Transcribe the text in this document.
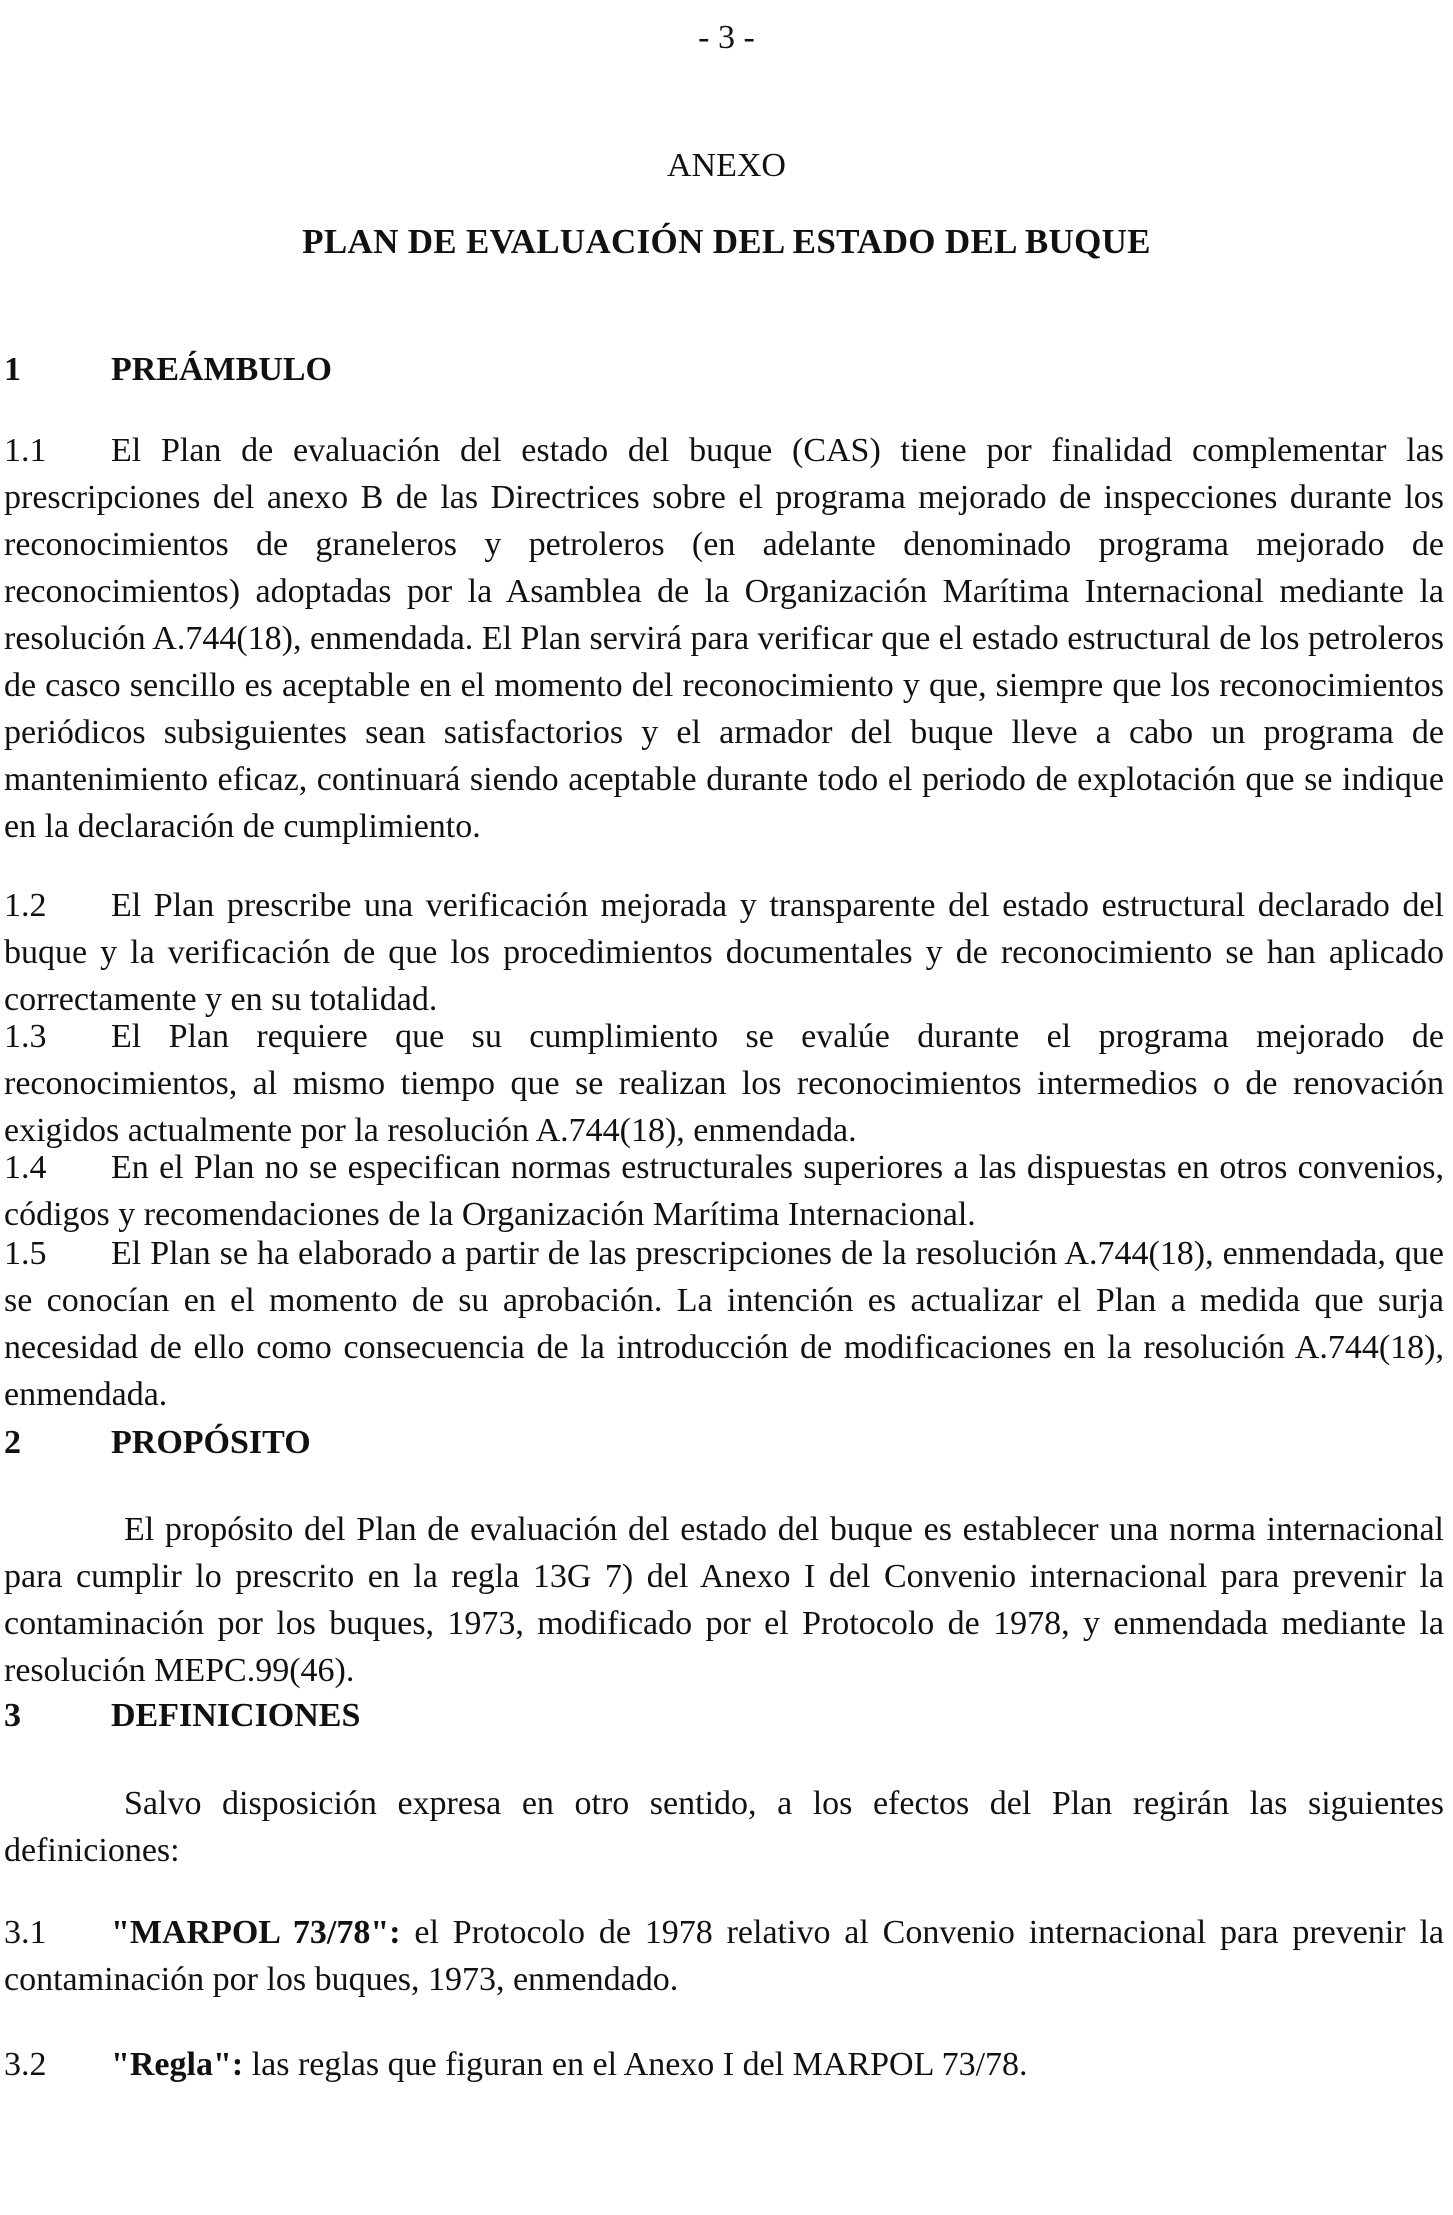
- 3 -
ANEXO
PLAN DE EVALUACIÓN DEL ESTADO DEL BUQUE
1	PREÁMBULO
1.1 El Plan de evaluación del estado del buque (CAS) tiene por finalidad complementar las prescripciones del anexo B de las Directrices sobre el programa mejorado de inspecciones durante los reconocimientos de graneleros y petroleros (en adelante denominado programa mejorado de reconocimientos) adoptadas por la Asamblea de la Organización Marítima Internacional mediante la resolución A.744(18), enmendada. El Plan servirá para verificar que el estado estructural de los petroleros de casco sencillo es aceptable en el momento del reconocimiento y que, siempre que los reconocimientos periódicos subsiguientes sean satisfactorios y el armador del buque lleve a cabo un programa de mantenimiento eficaz, continuará siendo aceptable durante todo el periodo de explotación que se indique en la declaración de cumplimiento.
1.2 El Plan prescribe una verificación mejorada y transparente del estado estructural declarado del buque y la verificación de que los procedimientos documentales y de reconocimiento se han aplicado correctamente y en su totalidad.
1.3 El Plan requiere que su cumplimiento se evalúe durante el programa mejorado de reconocimientos, al mismo tiempo que se realizan los reconocimientos intermedios o de renovación exigidos actualmente por la resolución A.744(18), enmendada.
1.4 En el Plan no se especifican normas estructurales superiores a las dispuestas en otros convenios, códigos y recomendaciones de la Organización Marítima Internacional.
1.5 El Plan se ha elaborado a partir de las prescripciones de la resolución A.744(18), enmendada, que se conocían en el momento de su aprobación. La intención es actualizar el Plan a medida que surja necesidad de ello como consecuencia de la introducción de modificaciones en la resolución A.744(18), enmendada.
2	PROPÓSITO
El propósito del Plan de evaluación del estado del buque es establecer una norma internacional para cumplir lo prescrito en la regla 13G 7) del Anexo I del Convenio internacional para prevenir la contaminación por los buques, 1973, modificado por el Protocolo de 1978, y enmendada mediante la resolución MEPC.99(46).
3	DEFINICIONES
Salvo disposición expresa en otro sentido, a los efectos del Plan regirán las siguientes definiciones:
3.1 "MARPOL 73/78": el Protocolo de 1978 relativo al Convenio internacional para prevenir la contaminación por los buques, 1973, enmendado.
3.2 "Regla": las reglas que figuran en el Anexo I del MARPOL 73/78.
